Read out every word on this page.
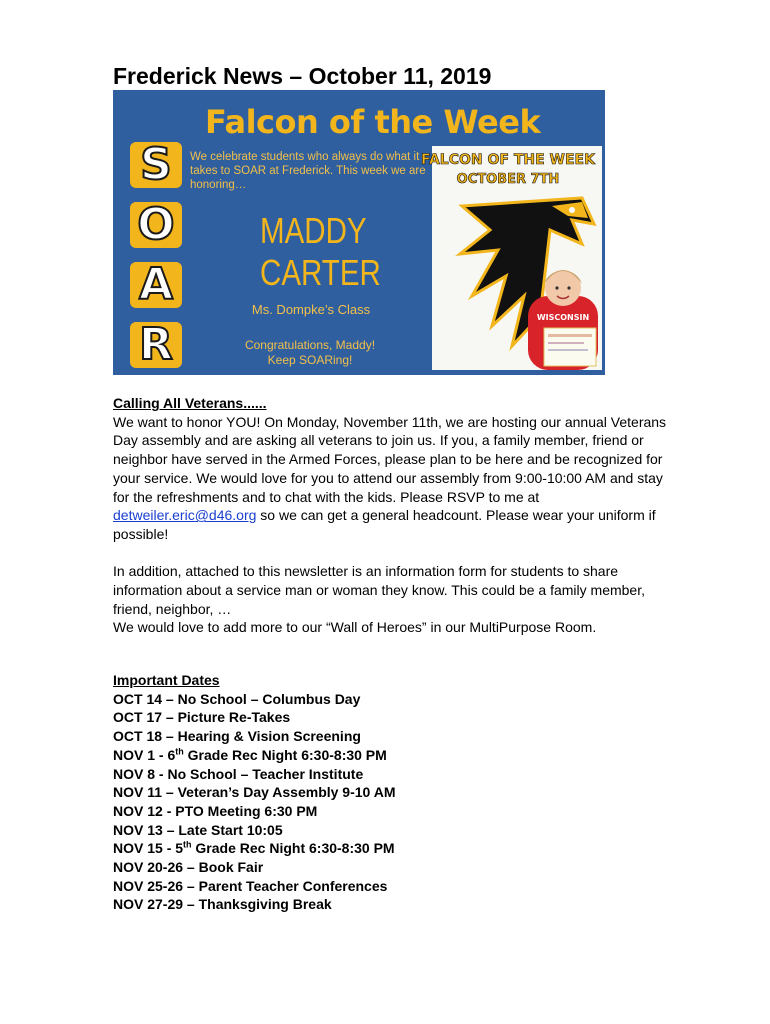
Frederick News – October 11, 2019
S
O
A
R
Falcon of the Week
We celebrate students who always do what it takes to SOAR at Frederick. This week we are honoring…
MADDY
CARTER
Ms. Dompke’s Class
Congratulations, Maddy!
Keep SOARing!
WISCONSIN
FALCON OF THE WEEK
OCTOBER 7TH

Calling All Veterans......

We want to honor YOU! On Monday, November 11th, we are hosting our annual Veterans Day assembly and are asking all veterans to join us. If you, a family member, friend or neighbor have served in the Armed Forces, please plan to be here and be recognized for your service. We would love for you to attend our assembly from 9:00-10:00 AM and stay for the refreshments and to chat with the kids. Please RSVP to me at detweiler.eric@d46.org so we can get a general headcount. Please wear your uniform if possible!

In addition, attached to this newsletter is an information form for students to share information about a service man or woman they know. This could be a family member, friend, neighbor, …

We would love to add more to our “Wall of Heroes” in our MultiPurpose Room.

Important Dates

OCT 14 – No School – Columbus Day
OCT 17 – Picture Re-Takes
OCT 18 – Hearing & Vision Screening
NOV 1 - 6th Grade Rec Night 6:30-8:30 PM
NOV 8 - No School – Teacher Institute
NOV 11 – Veteran’s Day Assembly 9-10 AM
NOV 12 - PTO Meeting 6:30 PM
NOV 13 – Late Start 10:05
NOV 15 - 5th Grade Rec Night 6:30-8:30 PM
NOV 20-26 – Book Fair
NOV 25-26 – Parent Teacher Conferences
NOV 27-29 – Thanksgiving Break
